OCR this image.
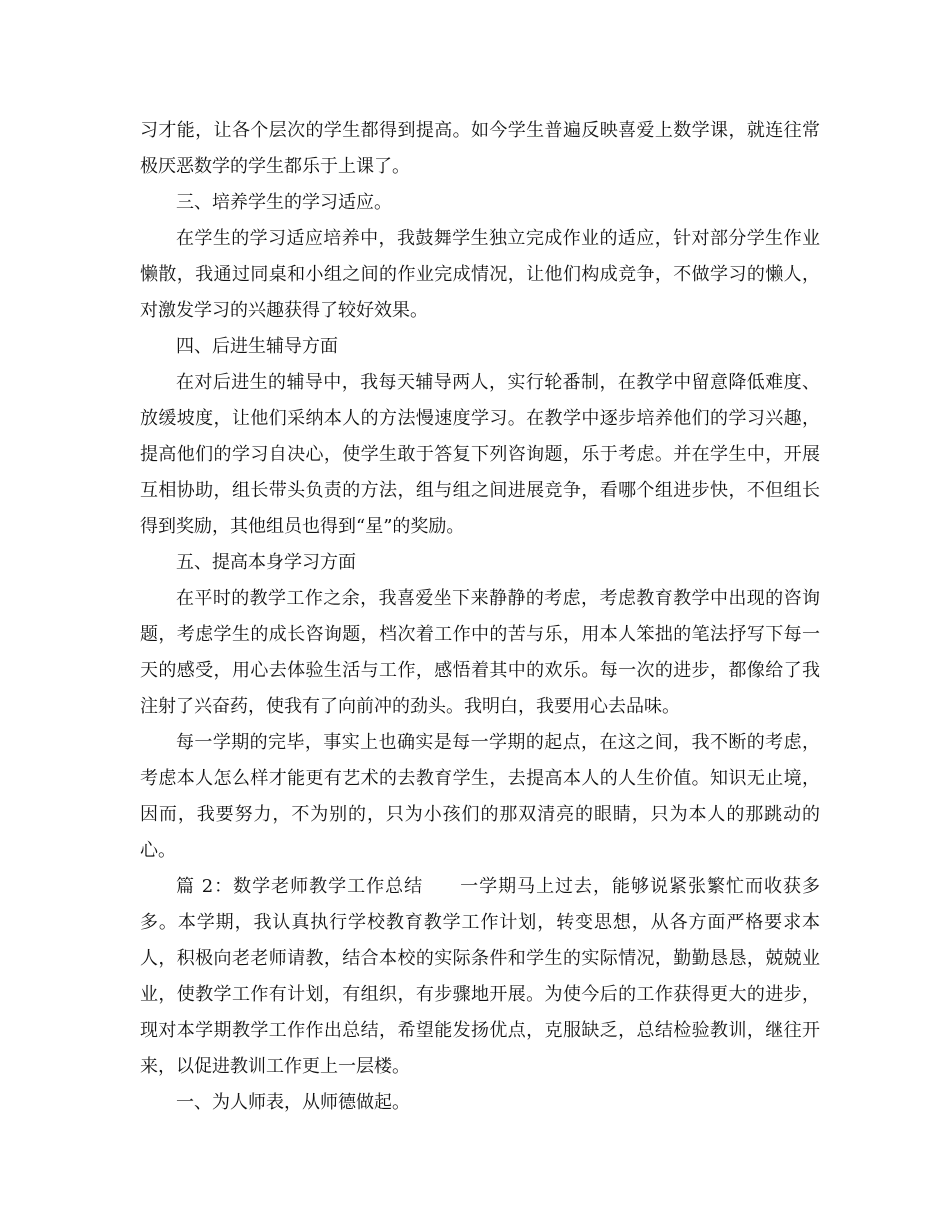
习才能，让各个层次的学生都得到提高。如今学生普遍反映喜爱上数学课，就连往常极厌恶数学的学生都乐于上课了。

三、培养学生的学习适应。

在学生的学习适应培养中，我鼓舞学生独立完成作业的适应，针对部分学生作业懒散，我通过同桌和小组之间的作业完成情况，让他们构成竞争，不做学习的懒人，对激发学习的兴趣获得了较好效果。

四、后进生辅导方面

在对后进生的辅导中，我每天辅导两人，实行轮番制，在教学中留意降低难度、放缓坡度，让他们采纳本人的方法慢速度学习。在教学中逐步培养他们的学习兴趣，提高他们的学习自决心，使学生敢于答复下列咨询题，乐于考虑。并在学生中，开展互相协助，组长带头负责的方法，组与组之间进展竞争，看哪个组进步快，不但组长得到奖励，其他组员也得到“星”的奖励。

五、提高本身学习方面

在平时的教学工作之余，我喜爱坐下来静静的考虑，考虑教育教学中出现的咨询题，考虑学生的成长咨询题，档次着工作中的苦与乐，用本人笨拙的笔法抒写下每一天的感受，用心去体验生活与工作，感悟着其中的欢乐。每一次的进步，都像给了我注射了兴奋药，使我有了向前冲的劲头。我明白，我要用心去品味。

每一学期的完毕，事实上也确实是每一学期的起点，在这之间，我不断的考虑，考虑本人怎么样才能更有艺术的去教育学生，去提高本人的人生价值。知识无止境，因而，我要努力，不为别的，只为小孩们的那双清亮的眼睛，只为本人的那跳动的心。

篇 2：数学老师教学工作总结 一学期马上过去，能够说紧张繁忙而收获多多。本学期，我认真执行学校教育教学工作计划，转变思想，从各方面严格要求本人，积极向老老师请教，结合本校的实际条件和学生的实际情况，勤勤恳恳，兢兢业业，使教学工作有计划，有组织，有步骤地开展。为使今后的工作获得更大的进步，现对本学期教学工作作出总结，希望能发扬优点，克服缺乏，总结检验教训，继往开来，以促进教训工作更上一层楼。

一、为人师表，从师德做起。
